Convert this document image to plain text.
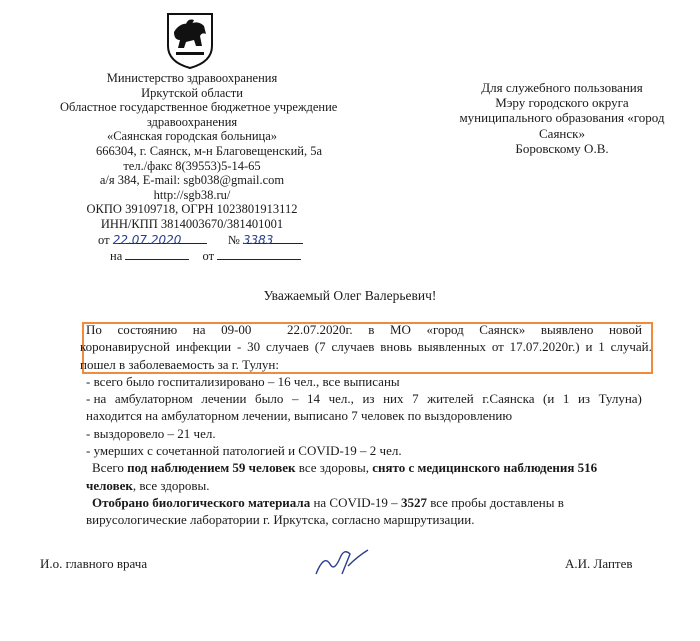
Министерство здравоохранения
Иркутской области
Областное государственное бюджетное учреждение
здравоохранения
«Саянская городская больница»
666304, г. Саянск, м-н Благовещенский, 5а
тел./факс 8(39553)5-14-65
а/я 384, E-mail: sgb038@gmail.com
http://sgb38.ru/
ОКПО 39109718, ОГРН 1023801913112
ИНН/КПП 3814003670/381401001
от 22.07.2020	№ 3383
на	от
Для служебного пользования
Мэру городского округа
муниципального образования «город
Саянск»
Боровскому О.В.
Уважаемый Олег Валерьевич!

По состоянию на 09-00	22.07.2020г. в МО «город Саянск» выявлено новой

коронавирусной инфекции - 30 случаев (7 случаев вновь выявленных от 17.07.2020г.) и 1 случай.

пошел в заболеваемость за г. Тулун:

- всего было госпитализировано – 16 чел., все выписаны

- на амбулаторном лечении было – 14 чел., из них 7 жителей г.Саянска (и 1 из Тулуна)

находится на амбулаторном лечении, выписано 7 человек по выздоровлению

- выздоровело – 21 чел.

- умерших с сочетанной патологией и COVID-19 – 2 чел.

Всего под наблюдением 59 человек все здоровы, снято с медицинского наблюдения 516

человек, все здоровы.

Отобрано биологического материала на COVID-19 – 3527 все пробы доставлены в

вирусологические лаборатории г. Иркутска, согласно маршрутизации.

И.о. главного врача	А.И. Лаптев
